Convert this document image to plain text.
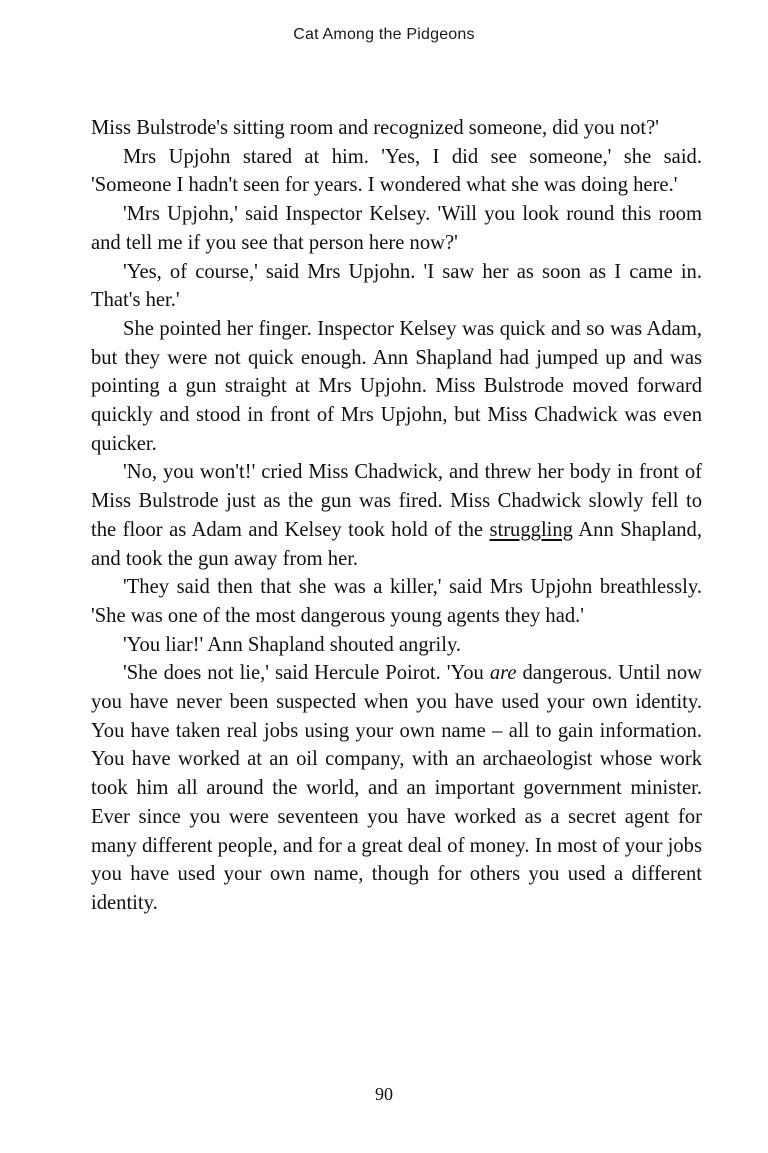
Cat Among the Pidgeons

Miss Bulstrode's sitting room and recognized someone, did you not?'

Mrs Upjohn stared at him. 'Yes, I did see someone,' she said. 'Someone I hadn't seen for years. I wondered what she was doing here.'

'Mrs Upjohn,' said Inspector Kelsey. 'Will you look round this room and tell me if you see that person here now?'

'Yes, of course,' said Mrs Upjohn. 'I saw her as soon as I came in. That's her.'

She pointed her finger. Inspector Kelsey was quick and so was Adam, but they were not quick enough. Ann Shapland had jumped up and was pointing a gun straight at Mrs Upjohn. Miss Bulstrode moved forward quickly and stood in front of Mrs Upjohn, but Miss Chadwick was even quicker.

'No, you won't!' cried Miss Chadwick, and threw her body in front of Miss Bulstrode just as the gun was fired. Miss Chadwick slowly fell to the floor as Adam and Kelsey took hold of the struggling Ann Shapland, and took the gun away from her.

'They said then that she was a killer,' said Mrs Upjohn breathlessly. 'She was one of the most dangerous young agents they had.'

'You liar!' Ann Shapland shouted angrily.

'She does not lie,' said Hercule Poirot. 'You are dangerous. Until now you have never been suspected when you have used your own identity. You have taken real jobs using your own name – all to gain information. You have worked at an oil company, with an archaeologist whose work took him all around the world, and an important government minister. Ever since you were seventeen you have worked as a secret agent for many different people, and for a great deal of money. In most of your jobs you have used your own name, though for others you used a different identity.

90
